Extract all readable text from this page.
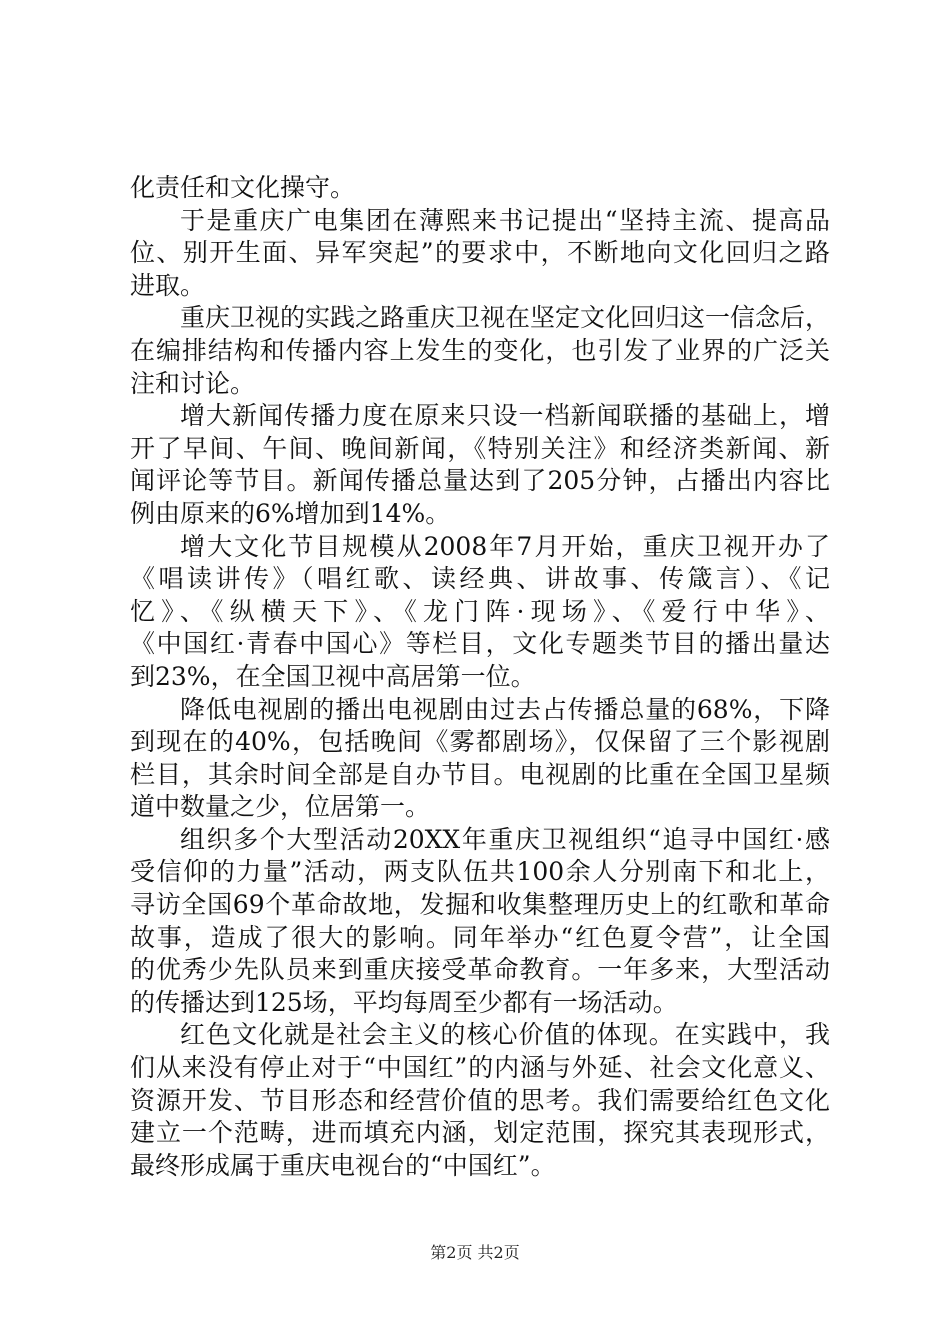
化责任和文化操守。
于是重庆广电集团在薄熙来书记提出“坚持主流、提高品
位、别开生面、异军突起”的要求中，不断地向文化回归之路
进取。
重庆卫视的实践之路重庆卫视在坚定文化回归这一信念后，
在编排结构和传播内容上发生的变化，也引发了业界的广泛关
注和讨论。
增大新闻传播力度在原来只设一档新闻联播的基础上，增
开了早间、午间、晚间新闻，《特别关注》和经济类新闻、新
闻评论等节目。新闻传播总量达到了205分钟，占播出内容比
例由原来的6%增加到14%。
增大文化节目规模从2008年7月开始，重庆卫视开办了
《唱读讲传》（唱红歌、读经典、讲故事、传箴言）、《记
忆》、《纵横天下》、《龙门阵·现场》、《爱行中华》、
《中国红·青春中国心》等栏目，文化专题类节目的播出量达
到23%，在全国卫视中高居第一位。
降低电视剧的播出电视剧由过去占传播总量的68%，下降
到现在的40%，包括晚间《雾都剧场》，仅保留了三个影视剧
栏目，其余时间全部是自办节目。电视剧的比重在全国卫星频
道中数量之少，位居第一。
组织多个大型活动20XX年重庆卫视组织“追寻中国红·感
受信仰的力量”活动，两支队伍共100余人分别南下和北上，
寻访全国69个革命故地，发掘和收集整理历史上的红歌和革命
故事，造成了很大的影响。同年举办“红色夏令营”，让全国
的优秀少先队员来到重庆接受革命教育。一年多来，大型活动
的传播达到125场，平均每周至少都有一场活动。
红色文化就是社会主义的核心价值的体现。在实践中，我
们从来没有停止对于“中国红”的内涵与外延、社会文化意义、
资源开发、节目形态和经营价值的思考。我们需要给红色文化
建立一个范畴，进而填充内涵，划定范围，探究其表现形式，
最终形成属于重庆电视台的“中国红”。
第2页 共2页
